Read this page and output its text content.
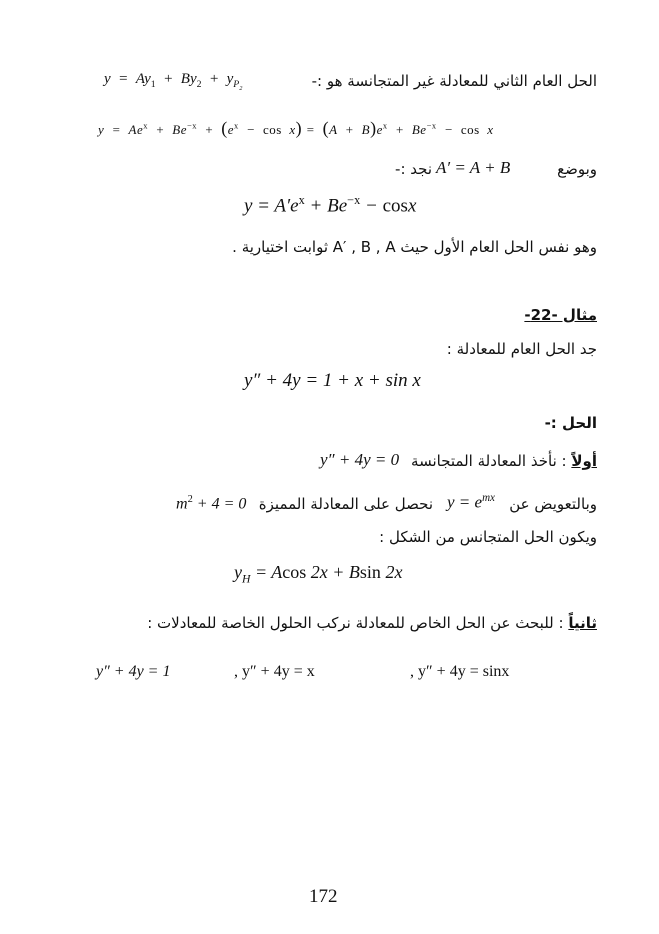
الحل العام الثاني للمعادلة غير المتجانسة هو :-
$y = Ay_1 + By_2 + y_{P_2}$
$y = Ae^x + Be^{-x} + (e^x - \cos x) = (A + B)e^x + Be^{-x} - \cos x$
وبوضع
A′ = A + B
نجد :-
$y = A'e^x + Be^{-x} - \cos x$
وهو نفس الحل العام الأول حيث A′ , B , A ثوابت اختيارية .
مثال -22-
جد الحل العام للمعادلة :
y″ + 4y = 1 + x + sin x
الحل :-
أولاً : نأخذ المعادلة المتجانسة
y″ + 4y = 0
وبالتعويض عن
$y = e^{mx}$
نحصل على المعادلة المميزة
$m^2 + 4 = 0$
ويكون الحل المتجانس من الشكل :
$y_H = Acos$ 2x + Bsin 2x
ثانياً : للبحث عن الحل الخاص للمعادلة نركب الحلول الخاصة للمعادلات :
y″ + 4y = 1	, y″ + 4y = x	, y″ + 4y = sinx
172
